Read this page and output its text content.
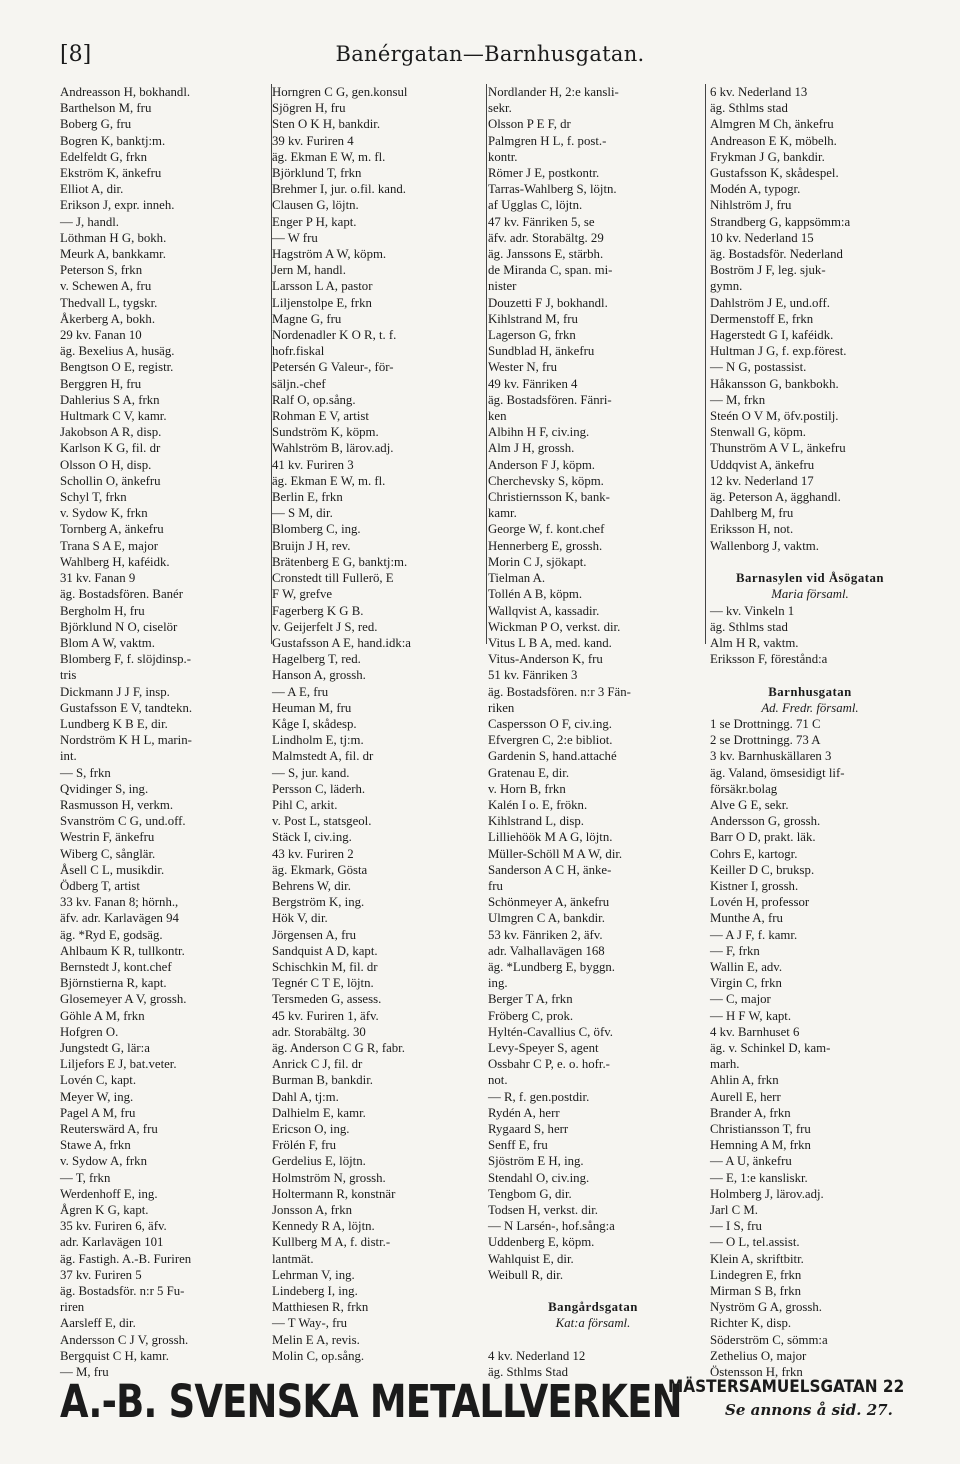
[8]	Banérgatan—Barnhusgatan.
Andreasson H, bokhandl.
Barthelson M, fru
Boberg G, fru
Bogren K, banktj:m.
Edelfeldt G, frkn
Ekström K, änkefru
Elliot A, dir.
Erikson J, expr. inneh.
— J, handl.
Löthman H G, bokh.
Meurk A, bankkamr.
Peterson S, frkn
v. Schewen A, fru
Thedvall L, tygskr.
Åkerberg A, bokh.
29 kv. Fanan 10
äg. Bexelius A, husäg.
Bengtson O E, registr.
Berggren H, fru
Dahlerius S A, frkn
Hultmark C V, kamr.
Jakobson A R, disp.
Karlson K G, fil. dr
Olsson O H, disp.
Schollin O, änkefru
Schyl T, frkn
v. Sydow K, frkn
Tornberg A, änkefru
Trana S A E, major
Wahlberg H, kaféidk.
31 kv. Fanan 9
äg. Bostadsfören. Banér
Bergholm H, fru
Björklund N O, ciselör
Blom A W, vaktm.
Blomberg F, f. slöjdinsp.-
tris
Dickmann J J F, insp.
Gustafsson E V, tandtekn.
Lundberg K B E, dir.
Nordström K H L, marin-
int.
— S, frkn
Qvidinger S, ing.
Rasmusson H, verkm.
Svanström C G, und.off.
Westrin F, änkefru
Wiberg C, sånglär.
Åsell C L, musikdir.
Ödberg T, artist
33 kv. Fanan 8; hörnh.,
äfv. adr. Karlavägen 94
äg. *Ryd E, godsäg.
Ahlbaum K R, tullkontr.
Bernstedt J, kont.chef
Björnstierna R, kapt.
Glosemeyer A V, grossh.
Göhle A M, frkn
Hofgren O.
Jungstedt G, lär:a
Liljefors E J, bat.veter.
Lovén C, kapt.
Meyer W, ing.
Pagel A M, fru
Reuterswärd A, fru
Stawe A, frkn
v. Sydow A, frkn
— T, frkn
Werdenhoff E, ing.
Ågren K G, kapt.
35 kv. Furiren 6, äfv.
adr. Karlavägen 101
äg. Fastigh. A.-B. Furiren
37 kv. Furiren 5
äg. Bostadsför. n:r 5 Fu-
riren
Aarsleff E, dir.
Andersson C J V, grossh.
Bergquist C H, kamr.
— M, fru
Horngren C G, gen.konsul
Sjögren H, fru
Sten O K H, bankdir.
39 kv. Furiren 4
äg. Ekman E W, m. fl.
Björklund T, frkn
Brehmer I, jur. o.fil. kand.
Clausen G, löjtn.
Enger P H, kapt.
— W fru
Hagström A W, köpm.
Jern M, handl.
Larsson L A, pastor
Liljenstolpe E, frkn
Magne G, fru
Nordenadler K O R, t. f.
hofr.fiskal
Petersén G Valeur-, för-
säljn.-chef
Ralf O, op.sång.
Rohman E V, artist
Sundström K, köpm.
Wahlström B, lärov.adj.
41 kv. Furiren 3
äg. Ekman E W, m. fl.
Berlin E, frkn
— S M, dir.
Blomberg C, ing.
Bruijn J H, rev.
Brätenberg E G, banktj:m.
Cronstedt till Fullerö, E
F W, grefve
Fagerberg K G B.
v. Geijerfelt J S, red.
Gustafsson A E, hand.idk:a
Hagelberg T, red.
Hanson A, grossh.
— A E, fru
Heuman M, fru
Kåge I, skådesp.
Lindholm E, tj:m.
Malmstedt A, fil. dr
— S, jur. kand.
Persson C, läderh.
Pihl C, arkit.
v. Post L, statsgeol.
Stäck I, civ.ing.
43 kv. Furiren 2
äg. Ekmark, Gösta
Behrens W, dir.
Bergström K, ing.
Hök V, dir.
Jörgensen A, fru
Sandquist A D, kapt.
Schischkin M, fil. dr
Tegnér C T E, löjtn.
Tersmeden G, assess.
45 kv. Furiren 1, äfv.
adr. Storabältg. 30
äg. Anderson C G R, fabr.
Anrick C J, fil. dr
Burman B, bankdir.
Dahl A, tj:m.
Dalhielm E, kamr.
Ericson O, ing.
Frölén F, fru
Gerdelius E, löjtn.
Holmström N, grossh.
Holtermann R, konstnär
Jonsson A, frkn
Kennedy R A, löjtn.
Kullberg M A, f. distr.-
lantmät.
Lehrman V, ing.
Lindeberg I, ing.
Matthiesen R, frkn
— T Way-, fru
Melin E A, revis.
Molin C, op.sång.
Nordlander H, 2:e kansli-
sekr.
Olsson P E F, dr
Palmgren H L, f. post.-
kontr.
Römer J E, postkontr.
Tarras-Wahlberg S, löjtn.
af Ugglas C, löjtn.
47 kv. Fänriken 5, se
äfv. adr. Storabältg. 29
äg. Janssons E, stärbh.
de Miranda C, span. mi-
nister
Douzetti F J, bokhandl.
Kihlstrand M, fru
Lagerson G, frkn
Sundblad H, änkefru
Wester N, fru
49 kv. Fänriken 4
äg. Bostadsfören. Fänri-
ken
Albihn H F, civ.ing.
Alm J H, grossh.
Anderson F J, köpm.
Cherchevsky S, köpm.
Christiernsson K, bank-
kamr.
George W, f. kont.chef
Hennerberg E, grossh.
Morin C J, sjökapt.
Tielman A.
Tollén A B, köpm.
Wallqvist A, kassadir.
Wickman P O, verkst. dir.
Vitus L B A, med. kand.
Vitus-Anderson K, fru
51 kv. Fänriken 3
äg. Bostadsfören. n:r 3 Fän-
riken
Caspersson O F, civ.ing.
Efvergren C, 2:e bibliot.
Gardenin S, hand.attaché
Gratenau E, dir.
v. Horn B, frkn
Kalén I o. E, frökn.
Kihlstrand L, disp.
Lilliehöök M A G, löjtn.
Müller-Schöll M A W, dir.
Sanderson A C H, änke-
fru
Schönmeyer A, änkefru
Ulmgren C A, bankdir.
53 kv. Fänriken 2, äfv.
adr. Valhallavägen 168
äg. *Lundberg E, byggn.
ing.
Berger T A, frkn
Fröberg C, prok.
Hyltén-Cavallius C, öfv.
Levy-Speyer S, agent
Ossbahr C P, e. o. hofr.-
not.
— R, f. gen.postdir.
Rydén A, herr
Rygaard S, herr
Senff E, fru
Sjöström E H, ing.
Stendahl O, civ.ing.
Tengbom G, dir.
Todsen H, verkst. dir.
— N Larsén-, hof.sång:a
Uddenberg E, köpm.
Wahlquist E, dir.
Weibull R, dir.

Bangårdsgatan
Kat:a församl.

4 kv. Nederland 12
äg. Sthlms Stad
6 kv. Nederland 13
äg. Sthlms stad
Almgren M Ch, änkefru
Andreason E K, möbelh.
Frykman J G, bankdir.
Gustafsson K, skådespel.
Modén A, typogr.
Nihlström J, fru
Strandberg G, kappsömm:a
10 kv. Nederland 15
äg. Bostadsför. Nederland
Boström J F, leg. sjuk-
gymn.
Dahlström J E, und.off.
Dermenstoff E, frkn
Hagerstedt G I, kaféidk.
Hultman J G, f. exp.förest.
— N G, postassist.
Håkansson G, bankbokh.
— M, frkn
Steén O V M, öfv.postilj.
Stenwall G, köpm.
Thunström A V L, änkefru
Uddqvist A, änkefru
12 kv. Nederland 17
äg. Peterson A, ägghandl.
Dahlberg M, fru
Eriksson H, not.
Wallenborg J, vaktm.

Barnasylen vid Åsögatan
Maria församl.
— kv. Vinkeln 1
äg. Sthlms stad
Alm H R, vaktm.
Eriksson F, förestånd:a

Barnhusgatan
Ad. Fredr. församl.
1 se Drottningg. 71 C
2 se Drottningg. 73 A
3 kv. Barnhuskällaren 3
äg. Valand, ömsesidigt lif-
försäkr.bolag
Alve G E, sekr.
Andersson G, grossh.
Barr O D, prakt. läk.
Cohrs E, kartogr.
Keiller D C, bruksp.
Kistner I, grossh.
Lovén H, professor
Munthe A, fru
— A J F, f. kamr.
— F, frkn
Wallin E, adv.
Virgin C, frkn
— C, major
— H F W, kapt.
4 kv. Barnhuset 6
äg. v. Schinkel D, kam-
marh.
Ahlin A, frkn
Aurell E, herr
Brander A, frkn
Christiansson T, fru
Hemning A M, frkn
— A U, änkefru
— E, 1:e kansliskr.
Holmberg J, lärov.adj.
Jarl C M.
— I S, fru
— O L, tel.assist.
Klein A, skriftbitr.
Lindegren E, frkn
Mirman S B, frkn
Nyström G A, grossh.
Richter K, disp.
Söderström C, sömm:a
Zethelius O, major
Östensson H, frkn
A.-B. SVENSKA METALLVERKEN
MÄSTERSAMUELSGATAN 22
Se annons å sid. 27.
